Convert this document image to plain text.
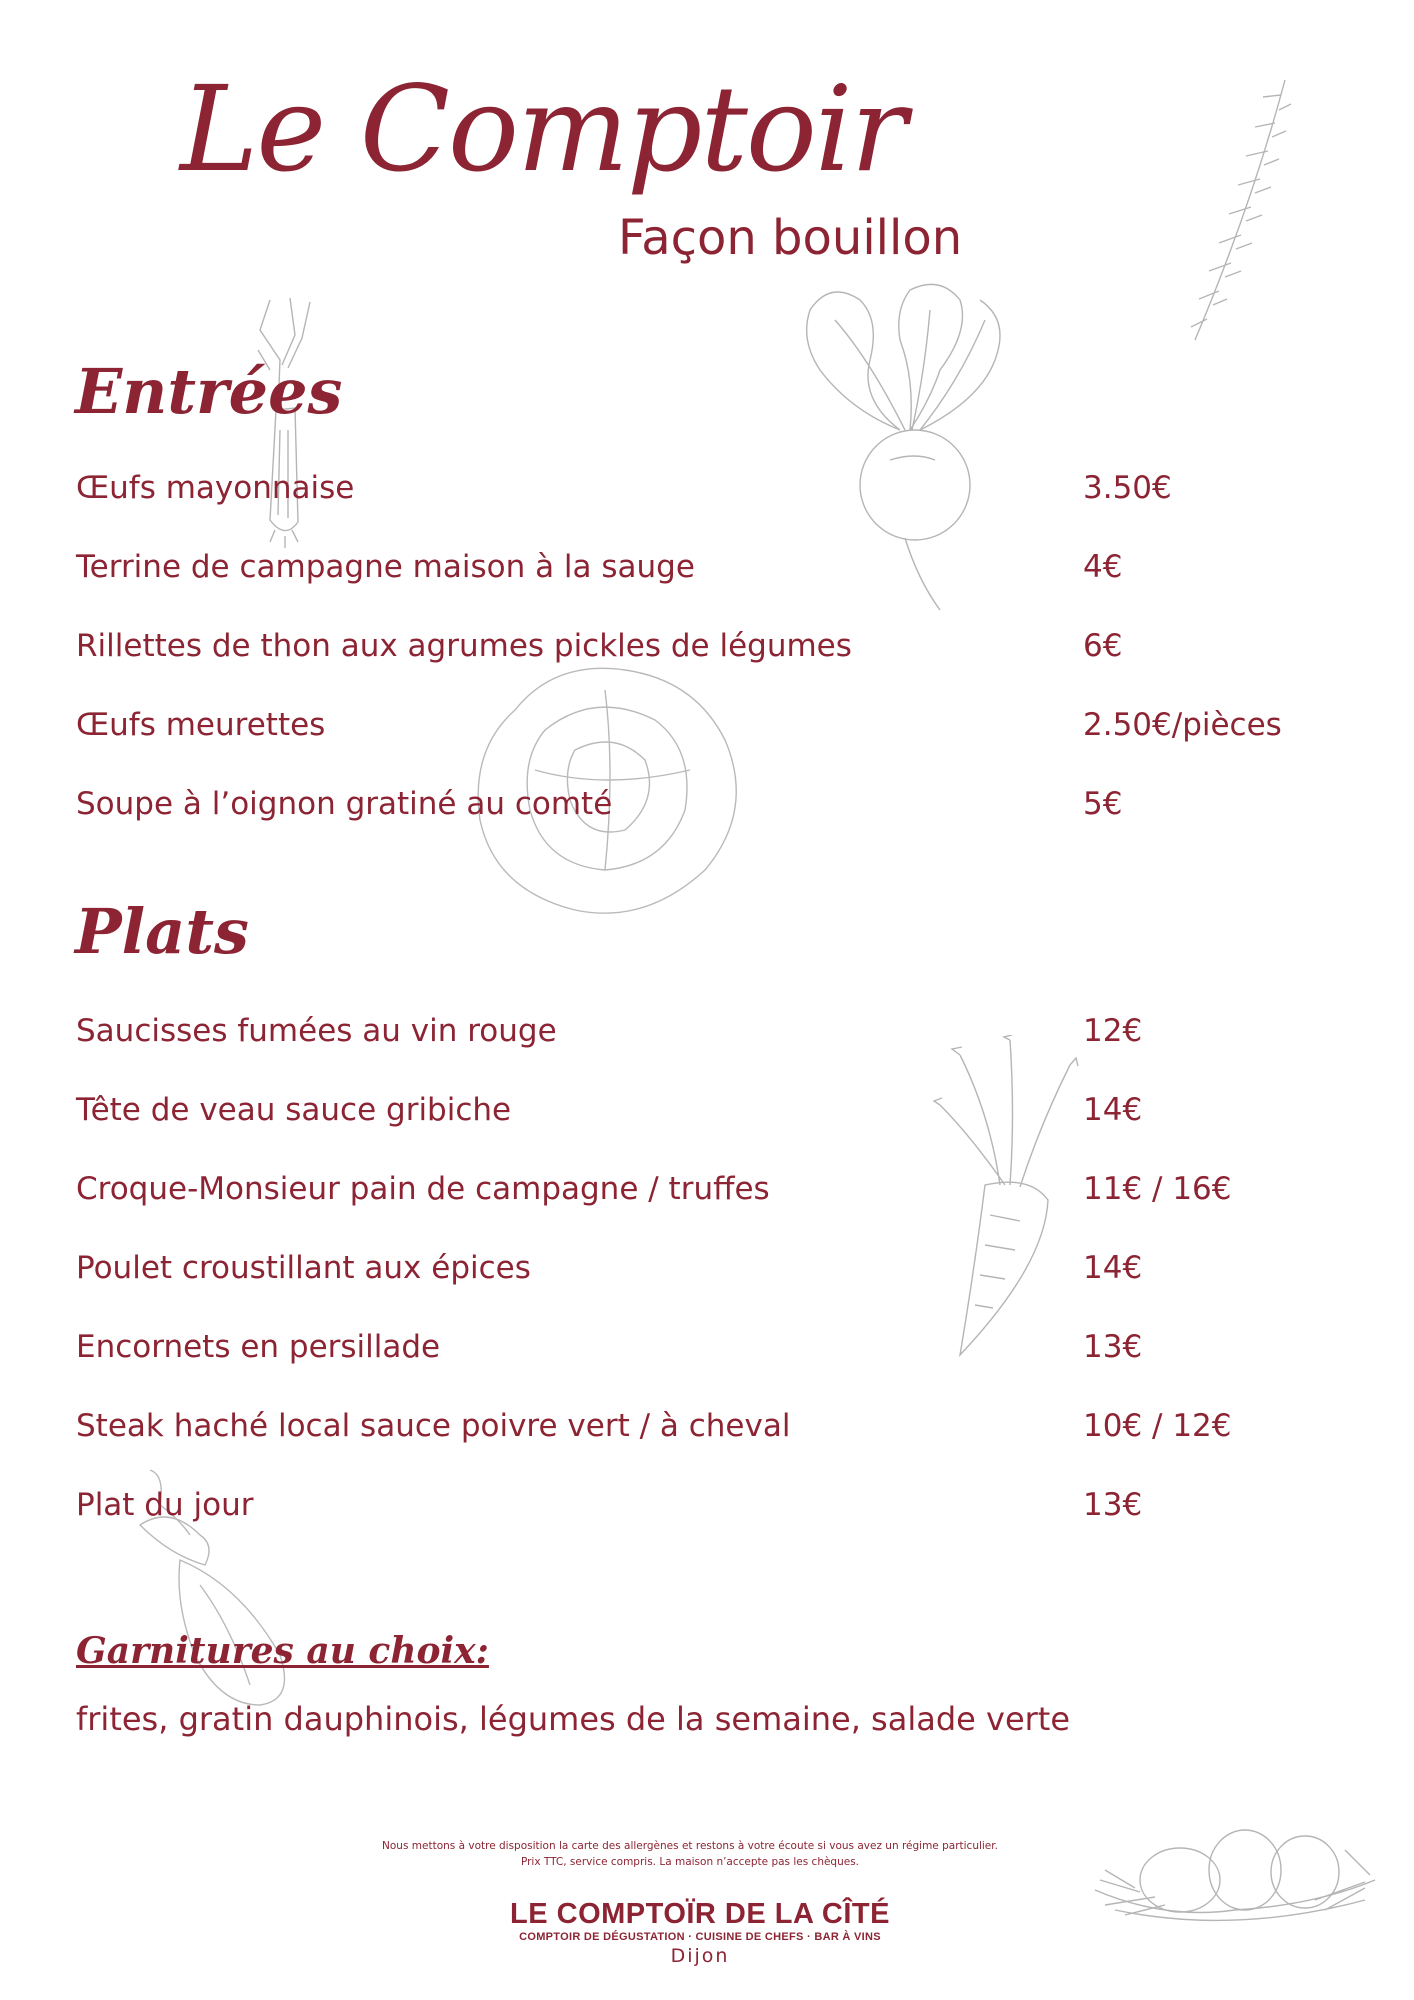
Le Comptoir
Façon bouillon
Entrées
Œufs mayonnaise	3.50€
Terrine de campagne maison à la sauge	4€
Rillettes de thon aux agrumes pickles de légumes	6€
Œufs meurettes	2.50€/pièces
Soupe à l’oignon gratiné au comté	5€
Plats
Saucisses fumées au vin rouge	12€
Tête de veau sauce gribiche	14€
Croque-Monsieur pain de campagne / truffes	11€ / 16€
Poulet croustillant aux épices	14€
Encornets en persillade	13€
Steak haché local sauce poivre vert / à cheval	10€ / 12€
Plat du jour	13€
Garnitures au choix:
frites, gratin dauphinois, légumes de la semaine, salade verte
Nous mettons à votre disposition la carte des allergènes et restons à votre écoute si vous avez un régime particulier.
Prix TTC, service compris. La maison n’accepte pas les chèques.
LE COMPTOÏR DE LA CÎTÉ
COMPTOIR DE DÉGUSTATION · CUISINE DE CHEFS · BAR À VINS
Dijon
